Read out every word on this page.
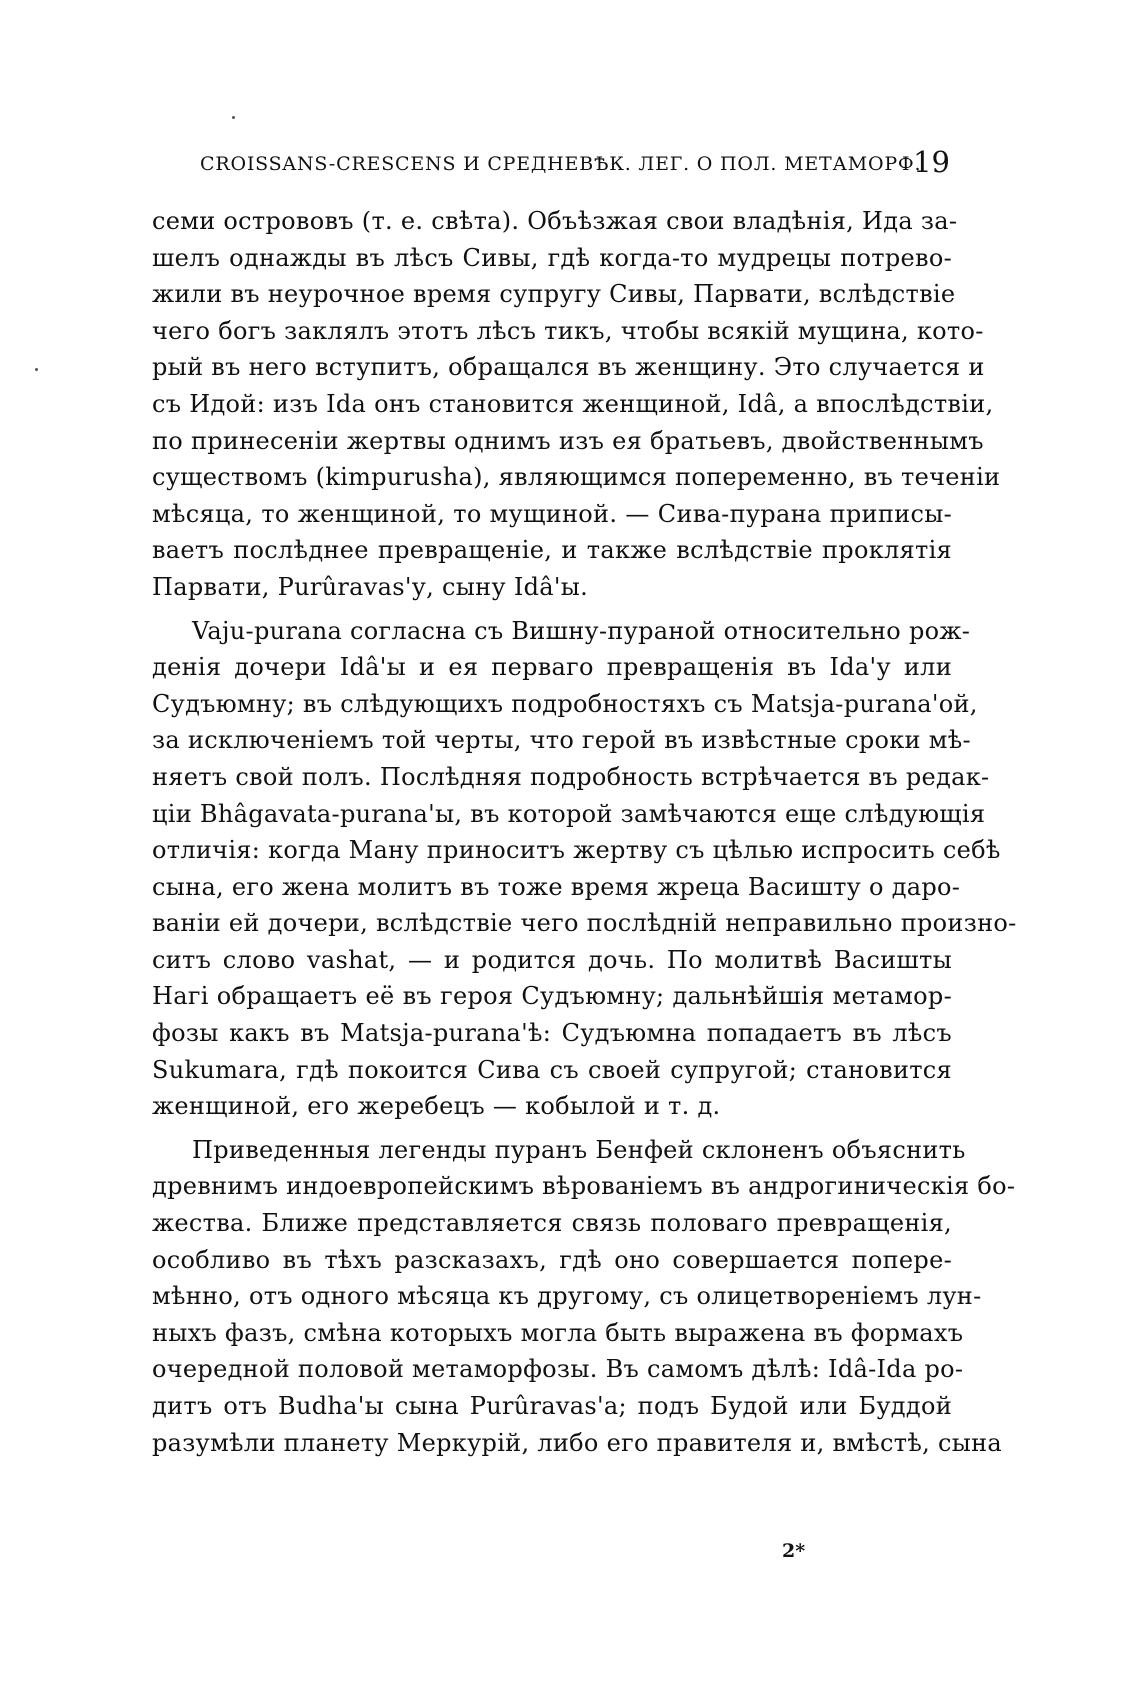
CROISSANS-CRESCENS И СРЕДНЕВѢК. ЛЕГ. О ПОЛ. МЕТАМОРФ.
19
семи острововъ (т. е. свѣта). Объѣзжая свои владѣнія, Ида за-
шелъ однажды въ лѣсъ Сивы, гдѣ когда-то мудрецы потрево-
жили въ неурочное время супругу Сивы, Парвати, вслѣдствіе
чего богъ заклялъ этотъ лѣсъ тикъ, чтобы всякій мущина, кото-
рый въ него вступитъ, обращался въ женщину. Это случается и
съ Идой: изъ Ida онъ становится женщиной, Idâ, а впослѣдствіи,
по принесеніи жертвы однимъ изъ ея братьевъ, двойственнымъ
существомъ (kimpurusha), являющимся попеременно, въ теченіи
мѣсяца, то женщиной, то мущиной. — Сива-пурана приписы-
ваетъ послѣднее превращеніе, и также вслѣдствіе проклятія
Парвати, Purûravas'у, сыну Idâ'ы.
Vaju-purana согласна съ Вишну-пураной относительно рож-
денія дочери Idâ'ы и ея перваго превращенія въ Ida'у или
Судъюмну; въ слѣдующихъ подробностяхъ съ Matsja-purana'ой,
за исключеніемъ той черты, что герой въ извѣстные сроки мѣ-
няетъ свой полъ. Послѣдняя подробность встрѣчается въ редак-
ціи Bhâgavata-purana'ы, въ которой замѣчаются еще слѣдующія
отличія: когда Ману приноситъ жертву съ цѣлью испросить себѣ
сына, его жена молитъ въ тоже время жреца Васишту о даро-
ваніи ей дочери, вслѣдствіе чего послѣдній неправильно произно-
ситъ слово vashat, — и родится дочь. По молитвѣ Васишты
Нагі обращаетъ её въ героя Судъюмну; дальнѣйшія метамор-
фозы какъ въ Matsja-purana'ѣ: Судъюмна попадаетъ въ лѣсъ
Sukumara, гдѣ покоится Сива съ своей супругой; становится
женщиной, его жеребецъ — кобылой и т. д.
Приведенныя легенды пуранъ Бенфей склоненъ объяснить
древнимъ индоевропейскимъ вѣрованіемъ въ андрогиническія бо-
жества. Ближе представляется связь половаго превращенія,
особливо въ тѣхъ разсказахъ, гдѣ оно совершается попере-
мѣнно, отъ одного мѣсяца къ другому, съ олицетвореніемъ лун-
ныхъ фазъ, смѣна которыхъ могла быть выражена въ формахъ
очередной половой метаморфозы. Въ самомъ дѣлѣ: Idâ-Ida ро-
дитъ отъ Budha'ы сына Purûravas'а; подъ Будой или Буддой
разумѣли планету Меркурій, либо его правителя и, вмѣстѣ, сына
2*
